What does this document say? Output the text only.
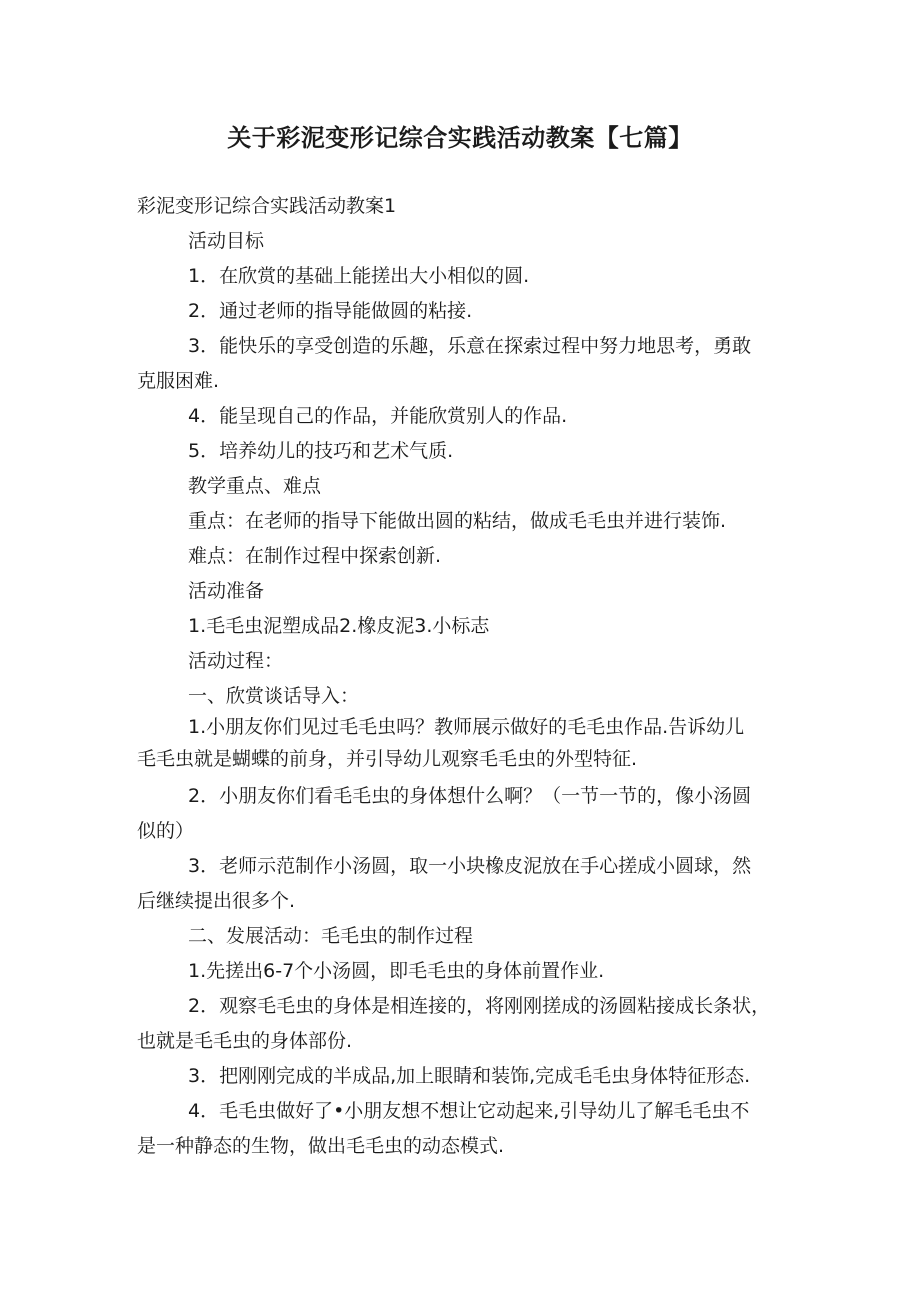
关于彩泥变形记综合实践活动教案【七篇】
彩泥变形记综合实践活动教案1
活动目标
1．在欣赏的基础上能搓出大小相似的圆.
2．通过老师的指导能做圆的粘接.
3．能快乐的享受创造的乐趣，乐意在探索过程中努力地思考，勇敢
克服困难.
4．能呈现自己的作品，并能欣赏别人的作品.
5．培养幼儿的技巧和艺术气质.
教学重点、难点
重点：在老师的指导下能做出圆的粘结，做成毛毛虫并进行装饰.
难点：在制作过程中探索创新.
活动准备
1.毛毛虫泥塑成品2.橡皮泥3.小标志
活动过程：
一、欣赏谈话导入：
1.小朋友你们见过毛毛虫吗？教师展示做好的毛毛虫作品.告诉幼儿
毛毛虫就是蝴蝶的前身，并引导幼儿观察毛毛虫的外型特征.
2．小朋友你们看毛毛虫的身体想什么啊？（一节一节的，像小汤圆
似的）
3．老师示范制作小汤圆，取一小块橡皮泥放在手心搓成小圆球，然
后继续提出很多个.
二、发展活动：毛毛虫的制作过程
1.先搓出6-7个小汤圆，即毛毛虫的身体前置作业.
2．观察毛毛虫的身体是相连接的，将刚刚搓成的汤圆粘接成长条状，
也就是毛毛虫的身体部份.
3．把刚刚完成的半成品,加上眼睛和装饰,完成毛毛虫身体特征形态.
4．毛毛虫做好了•小朋友想不想让它动起来,引导幼儿了解毛毛虫不
是一种静态的生物，做出毛毛虫的动态模式.
